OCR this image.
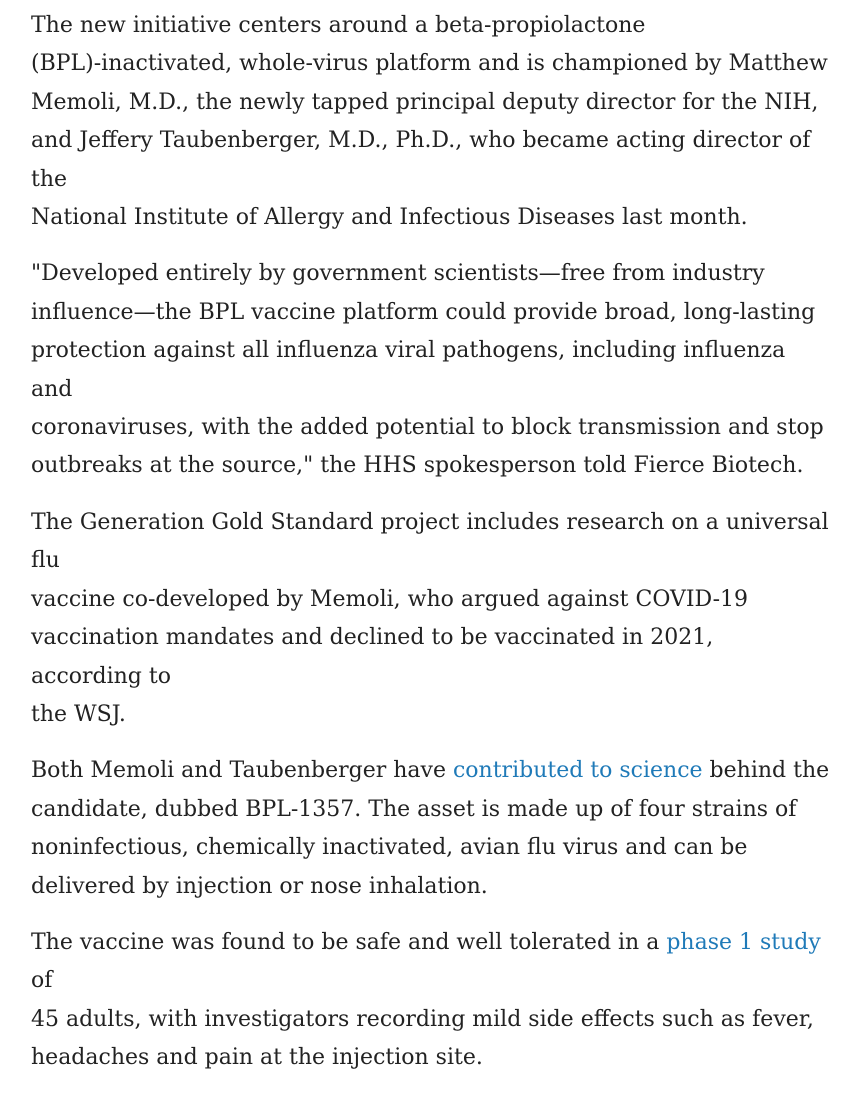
The new initiative centers around a beta-propiolactone
(BPL)-inactivated, whole-virus platform and is championed by Matthew
Memoli, M.D., the newly tapped principal deputy director for the NIH,
and Jeffery Taubenberger, M.D., Ph.D., who became acting director of the
National Institute of Allergy and Infectious Diseases last month.

"Developed entirely by government scientists—free from industry
influence—the BPL vaccine platform could provide broad, long-lasting
protection against all influenza viral pathogens, including influenza and
coronaviruses, with the added potential to block transmission and stop
outbreaks at the source," the HHS spokesperson told Fierce Biotech.

The Generation Gold Standard project includes research on a universal flu
vaccine co-developed by Memoli, who argued against COVID-19
vaccination mandates and declined to be vaccinated in 2021, according to
the WSJ.

Both Memoli and Taubenberger have contributed to science behind the
candidate, dubbed BPL-1357. The asset is made up of four strains of
noninfectious, chemically inactivated, avian flu virus and can be
delivered by injection or nose inhalation.

The vaccine was found to be safe and well tolerated in a phase 1 study of
45 adults, with investigators recording mild side effects such as fever,
headaches and pain at the injection site.
